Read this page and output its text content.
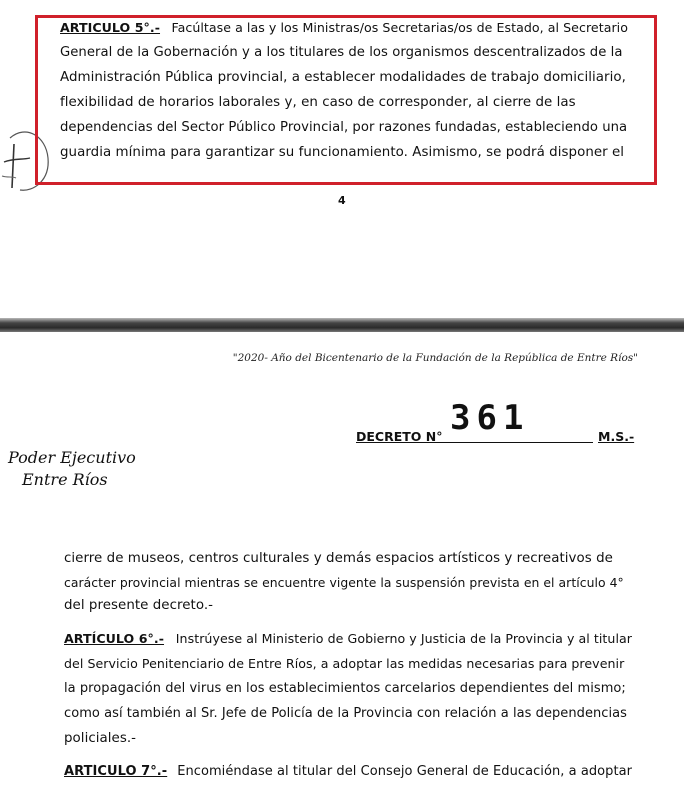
ARTICULO 5°.- Facúltase a las y los Ministras/os Secretarias/os de Estado, al Secretario
General de la Gobernación y a los titulares de los organismos descentralizados de la
Administración Pública provincial, a establecer modalidades de trabajo domiciliario,
flexibilidad de horarios laborales y, en caso de corresponder, al cierre de las
dependencias del Sector Público Provincial, por razones fundadas, estableciendo una
guardia mínima para garantizar su funcionamiento. Asimismo, se podrá disponer el
4
"2020- Año del Bicentenario de la Fundación de la República de Entre Ríos"
Poder Ejecutivo
Entre Ríos
DECRETO N° 361	M.S.-
cierre de museos, centros culturales y demás espacios artísticos y recreativos de
carácter provincial mientras se encuentre vigente la suspensión prevista en el artículo 4°
del presente decreto.-
ARTÍCULO 6°.- Instrúyese al Ministerio de Gobierno y Justicia de la Provincia y al titular
del Servicio Penitenciario de Entre Ríos, a adoptar las medidas necesarias para prevenir
la propagación del virus en los establecimientos carcelarios dependientes del mismo;
como así también al Sr. Jefe de Policía de la Provincia con relación a las dependencias
policiales.-
ARTÍCULO 7°.- Encomiéndase al titular del Consejo General de Educación, a adoptar
